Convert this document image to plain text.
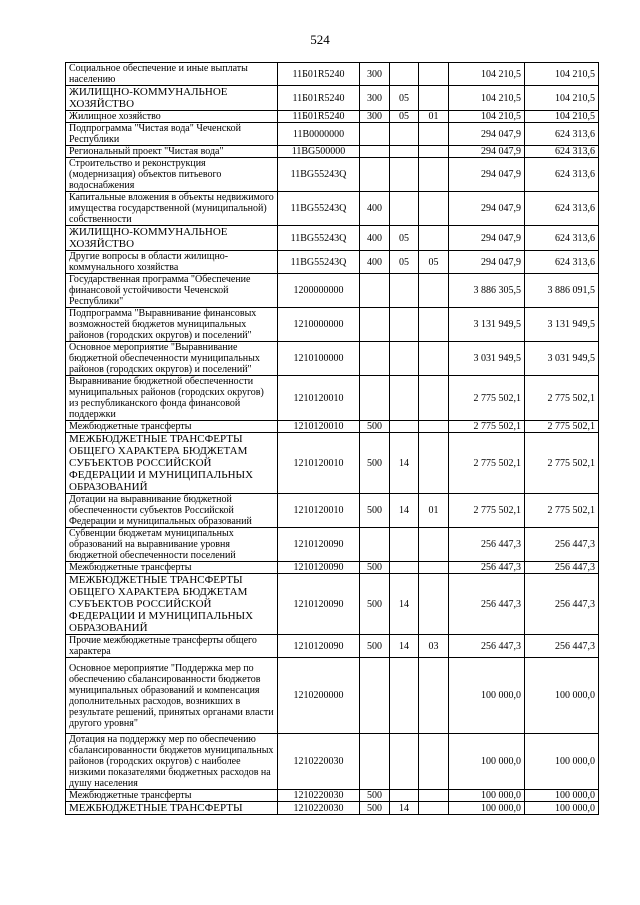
524
Социальное обеспечение и иные выплаты населению	11Б01R5240	300			104 210,5	104 210,5
ЖИЛИЩНО-КОММУНАЛЬНОЕ ХОЗЯЙСТВО	11Б01R5240	300	05		104 210,5	104 210,5
Жилищное хозяйство	11Б01R5240	300	05	01	104 210,5	104 210,5
Подпрограмма "Чистая вода" Чеченской Республики	11В0000000				294 047,9	624 313,6
Региональный проект "Чистая вода"	11ВG500000				294 047,9	624 313,6
Строительство и реконструкция (модернизация) объектов питьевого водоснабжения	11ВG55243Q				294 047,9	624 313,6
Капитальные вложения в объекты недвижимого имущества государственной (муниципальной) собственности	11ВG55243Q	400			294 047,9	624 313,6
ЖИЛИЩНО-КОММУНАЛЬНОЕ ХОЗЯЙСТВО	11ВG55243Q	400	05		294 047,9	624 313,6
Другие вопросы в области жилищно-коммунального хозяйства	11ВG55243Q	400	05	05	294 047,9	624 313,6
Государственная программа "Обеспечение финансовой устойчивости Чеченской Республики"	1200000000				3 886 305,5	3 886 091,5
Подпрограмма "Выравнивание финансовых возможностей бюджетов муниципальных районов (городских округов) и поселений"	1210000000				3 131 949,5	3 131 949,5
Основное мероприятие "Выравнивание бюджетной обеспеченности муниципальных районов (городских округов) и поселений"	1210100000				3 031 949,5	3 031 949,5
Выравнивание бюджетной обеспеченности муниципальных районов (городских округов) из республиканского фонда финансовой поддержки	1210120010				2 775 502,1	2 775 502,1
Межбюджетные трансферты	1210120010	500			2 775 502,1	2 775 502,1
МЕЖБЮДЖЕТНЫЕ ТРАНСФЕРТЫ ОБЩЕГО ХАРАКТЕРА БЮДЖЕТАМ СУБЪЕКТОВ РОССИЙСКОЙ ФЕДЕРАЦИИ И МУНИЦИПАЛЬНЫХ ОБРАЗОВАНИЙ	1210120010	500	14		2 775 502,1	2 775 502,1
Дотации на выравнивание бюджетной обеспеченности субъектов Российской Федерации и муниципальных образований	1210120010	500	14	01	2 775 502,1	2 775 502,1
Субвенции бюджетам муниципальных образований на выравнивание уровня бюджетной обеспеченности поселений	1210120090				256 447,3	256 447,3
Межбюджетные трансферты	1210120090	500			256 447,3	256 447,3
МЕЖБЮДЖЕТНЫЕ ТРАНСФЕРТЫ ОБЩЕГО ХАРАКТЕРА БЮДЖЕТАМ СУБЪЕКТОВ РОССИЙСКОЙ ФЕДЕРАЦИИ И МУНИЦИПАЛЬНЫХ ОБРАЗОВАНИЙ	1210120090	500	14		256 447,3	256 447,3
Прочие межбюджетные трансферты общего характера	1210120090	500	14	03	256 447,3	256 447,3
Основное мероприятие "Поддержка мер по обеспечению сбалансированности бюджетов муниципальных образований и компенсация дополнительных расходов, возникших в результате решений, принятых органами власти другого уровня"	1210200000				100 000,0	100 000,0
Дотация на поддержку мер по обеспечению сбалансированности бюджетов муниципальных районов (городских округов) с наиболее низкими показателями бюджетных расходов на душу населения	1210220030				100 000,0	100 000,0
Межбюджетные трансферты	1210220030	500			100 000,0	100 000,0
МЕЖБЮДЖЕТНЫЕ ТРАНСФЕРТЫ	1210220030	500	14		100 000,0	100 000,0
